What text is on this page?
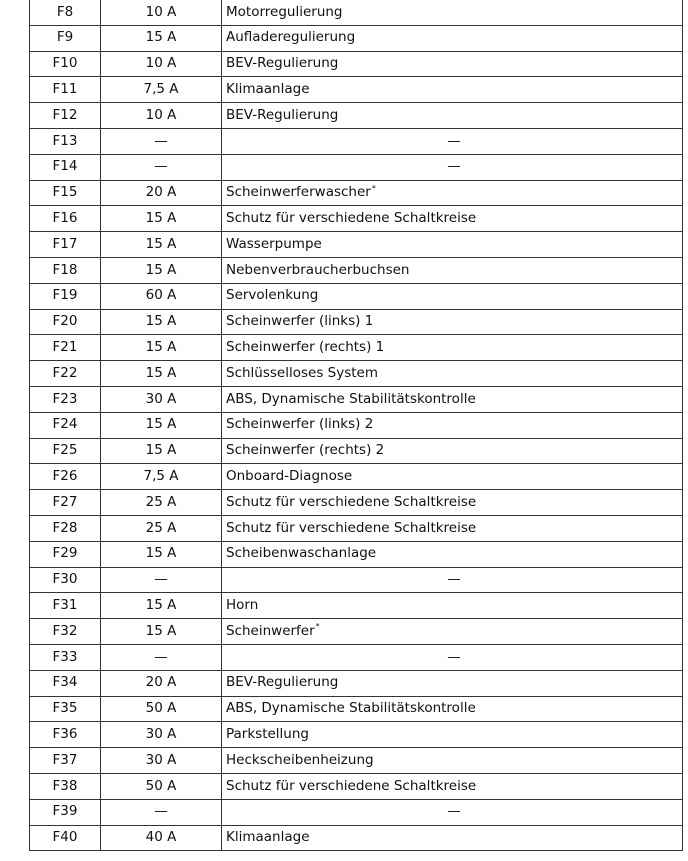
F8	10 A	Motorregulierung
F9	15 A	Aufladeregulierung
F10	10 A	BEV-Regulierung
F11	7,5 A	Klimaanlage
F12	10 A	BEV-Regulierung
F13	—	—
F14	—	—
F15	20 A	Scheinwerferwascher*
F16	15 A	Schutz für verschiedene Schaltkreise
F17	15 A	Wasserpumpe
F18	15 A	Nebenverbraucherbuchsen
F19	60 A	Servolenkung
F20	15 A	Scheinwerfer (links) 1
F21	15 A	Scheinwerfer (rechts) 1
F22	15 A	Schlüsselloses System
F23	30 A	ABS, Dynamische Stabilitätskontrolle
F24	15 A	Scheinwerfer (links) 2
F25	15 A	Scheinwerfer (rechts) 2
F26	7,5 A	Onboard-Diagnose
F27	25 A	Schutz für verschiedene Schaltkreise
F28	25 A	Schutz für verschiedene Schaltkreise
F29	15 A	Scheibenwaschanlage
F30	—	—
F31	15 A	Horn
F32	15 A	Scheinwerfer*
F33	—	—
F34	20 A	BEV-Regulierung
F35	50 A	ABS, Dynamische Stabilitätskontrolle
F36	30 A	Parkstellung
F37	30 A	Heckscheibenheizung
F38	50 A	Schutz für verschiedene Schaltkreise
F39	—	—
F40	40 A	Klimaanlage
